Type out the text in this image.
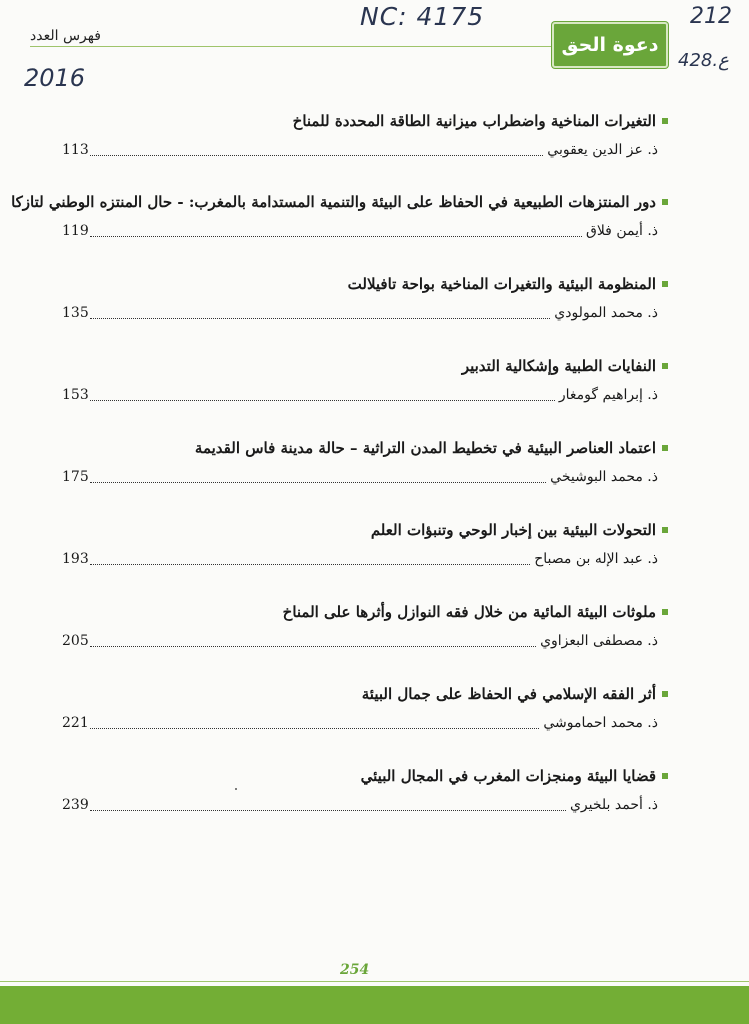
NC: 4175	212
428.ع
2016
فهرس العدد	دعوة الحق
التغيرات المناخية واضطراب ميزانية الطاقة المحددة للمناخ
113	ذ. عز الدين يعقوبي
دور المنتزهات الطبيعية في الحفاظ على البيئة والتنمية المستدامة بالمغرب: - حال المنتزه الوطني لتازكا
119	ذ. أيمن فلاق
المنظومة البيئية والتغيرات المناخية بواحة تافيلالت
135	ذ. محمد المولودي
النفايات الطبية وإشكالية التدبير
153	ذ. إبراهيم گومغار
اعتماد العناصر البيئية في تخطيط المدن التراثية – حالة مدينة فاس القديمة
175	ذ. محمد البوشيخي
التحولات البيئية بين إخبار الوحي وتنبؤات العلم
193	ذ. عبد الإله بن مصباح
ملوثات البيئة المائية من خلال فقه النوازل وأثرها على المناخ
205	ذ. مصطفى البعزاوي
أثر الفقه الإسلامي في الحفاظ على جمال البيئة
221	ذ. محمد احماموشي
قضايا البيئة ومنجزات المغرب في المجال البيئي
239	ذ. أحمد بلخيري
254
